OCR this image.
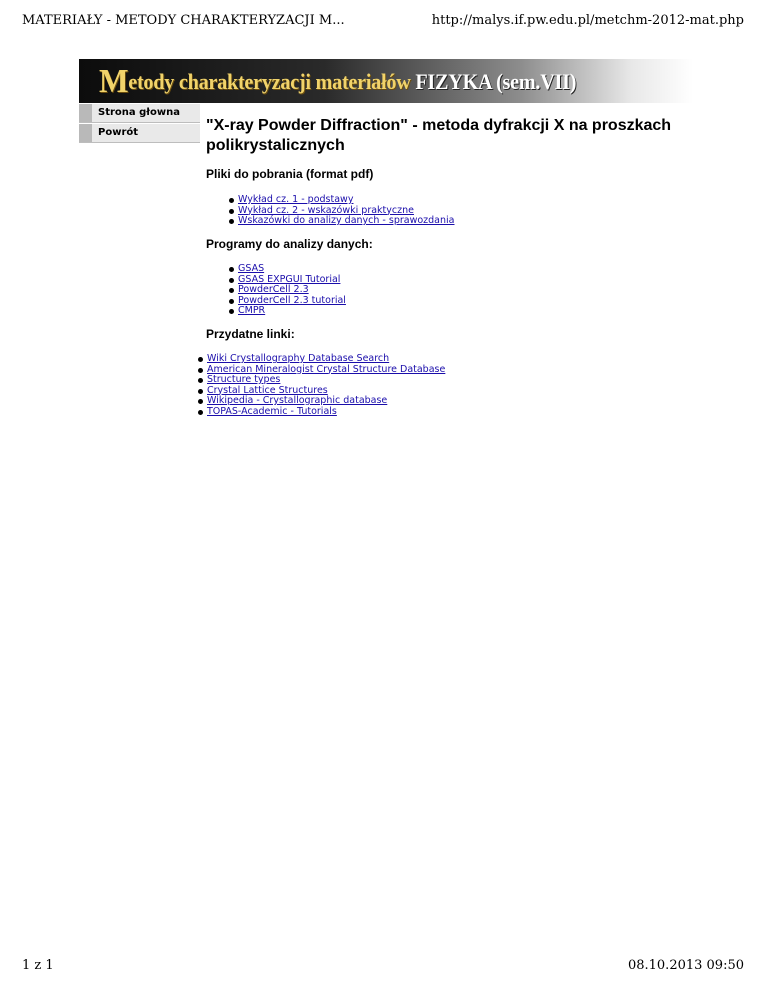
MATERIAŁY - METODY CHARAKTERYZACJI M...	http://malys.if.pw.edu.pl/metchm-2012-mat.php
Metody charakteryzacji materiałów FIZYKA (sem.VII)
Strona głowna
Powrót	"X-ray Powder Diffraction" - metoda dyfrakcji X na proszkach polikrystalicznych
Pliki do pobrania (format pdf)
Wykład cz. 1 - podstawy
Wykład cz. 2 - wskazówki praktyczne
Wskazówki do analizy danych - sprawozdania
Programy do analizy danych:
GSAS
GSAS EXPGUI Tutorial
PowderCell 2.3
PowderCell 2.3 tutorial
CMPR
Przydatne linki:
Wiki Crystallography Database Search
American Mineralogist Crystal Structure Database
Structure types
Crystal Lattice Structures
Wikipedia - Crystallographic database
TOPAS-Academic - Tutorials
1 z 1	08.10.2013 09:50
